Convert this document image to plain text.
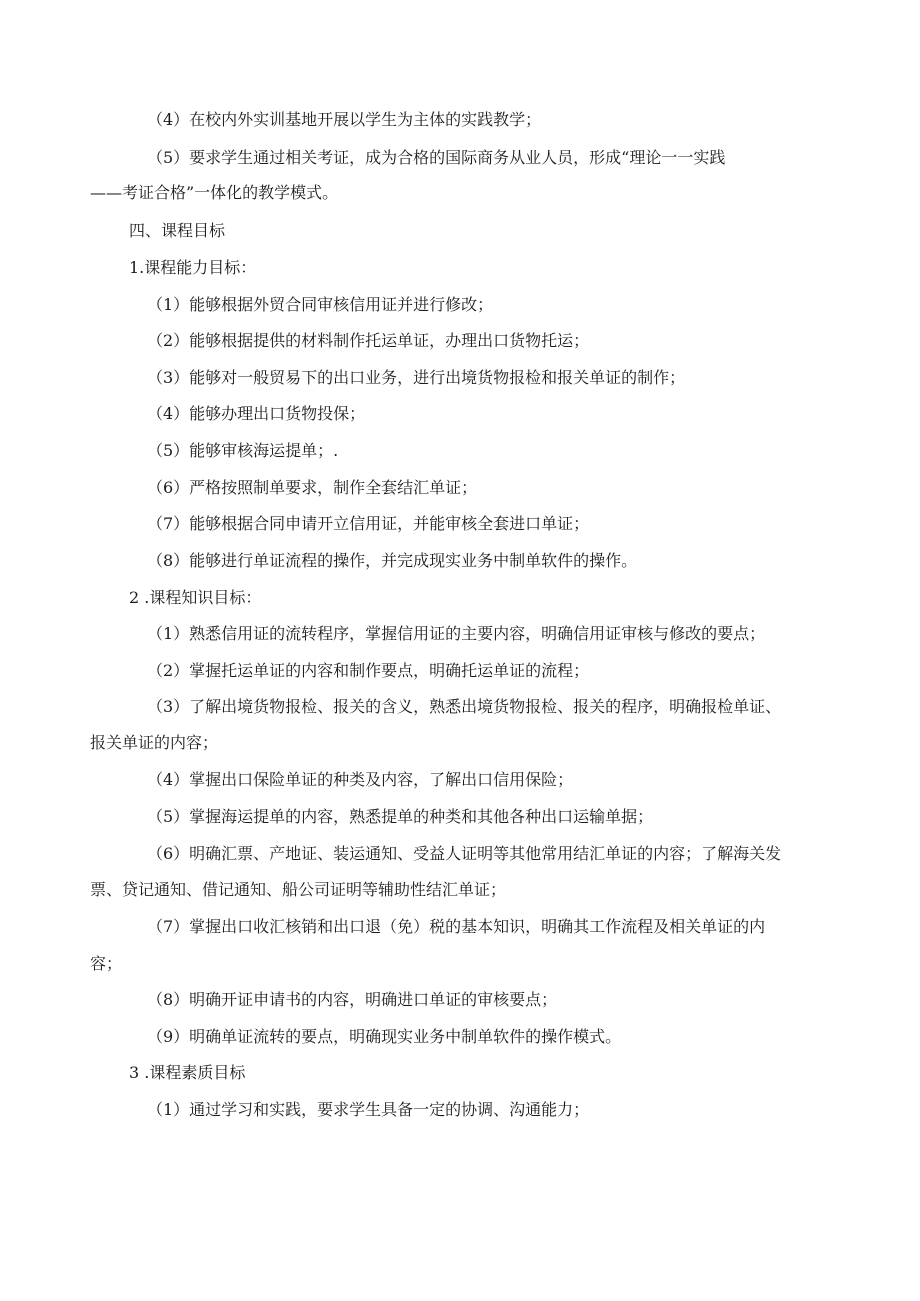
（4）在校内外实训基地开展以学生为主体的实践教学；
（5）要求学生通过相关考证，成为合格的国际商务从业人员，形成“理论一一实践
——考证合格”一体化的教学模式。
四、课程目标
1.课程能力目标：
（1）能够根据外贸合同审核信用证并进行修改；
（2）能够根据提供的材料制作托运单证，办理出口货物托运；
（3）能够对一般贸易下的出口业务，进行出境货物报检和报关单证的制作；
（4）能够办理出口货物投保；
（5）能够审核海运提单；.
（6）严格按照制单要求，制作全套结汇单证；
（7）能够根据合同申请开立信用证，并能审核全套进口单证；
（8）能够进行单证流程的操作，并完成现实业务中制单软件的操作。
2 .课程知识目标：
（1）熟悉信用证的流转程序，掌握信用证的主要内容，明确信用证审核与修改的要点；
（2）掌握托运单证的内容和制作要点，明确托运单证的流程；
（3）了解出境货物报检、报关的含义，熟悉出境货物报检、报关的程序，明确报检单证、
报关单证的内容；
（4）掌握出口保险单证的种类及内容，了解出口信用保险；
（5）掌握海运提单的内容，熟悉提单的种类和其他各种出口运输单据；
（6）明确汇票、产地证、装运通知、受益人证明等其他常用结汇单证的内容；了解海关发
票、贷记通知、借记通知、船公司证明等辅助性结汇单证；
（7）掌握出口收汇核销和出口退（免）税的基本知识，明确其工作流程及相关单证的内
容；
（8）明确开证申请书的内容，明确进口单证的审核要点；
（9）明确单证流转的要点，明确现实业务中制单软件的操作模式。
3 .课程素质目标
（1）通过学习和实践，要求学生具备一定的协调、沟通能力；
